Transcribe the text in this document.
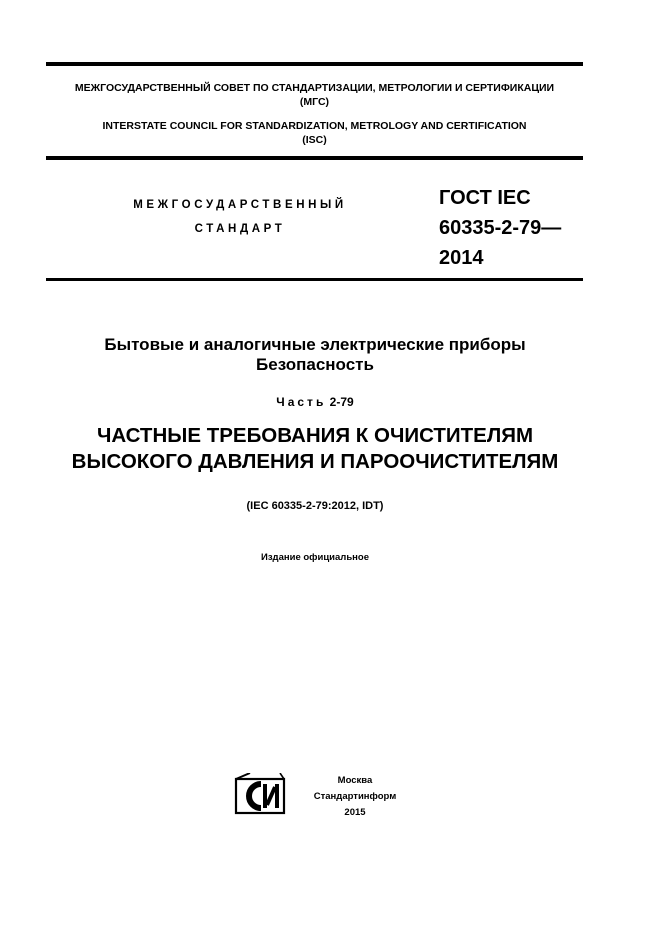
МЕЖГОСУДАРСТВЕННЫЙ СОВЕТ ПО СТАНДАРТИЗАЦИИ, МЕТРОЛОГИИ И СЕРТИФИКАЦИИ
(МГС)
INTERSTATE COUNCIL FOR STANDARDIZATION, METROLOGY AND CERTIFICATION
(ISC)
МЕЖГОСУДАРСТВЕННЫЙ
СТАНДАРТ
ГОСТ IEC
60335-2-79—
2014
Бытовые и аналогичные электрические приборы
Безопасность
Часть 2-79
ЧАСТНЫЕ ТРЕБОВАНИЯ К ОЧИСТИТЕЛЯМ
ВЫСОКОГО ДАВЛЕНИЯ И ПАРООЧИСТИТЕЛЯМ
(IEC 60335-2-79:2012, IDT)
Издание официальное
Москва
Стандартинформ
2015
